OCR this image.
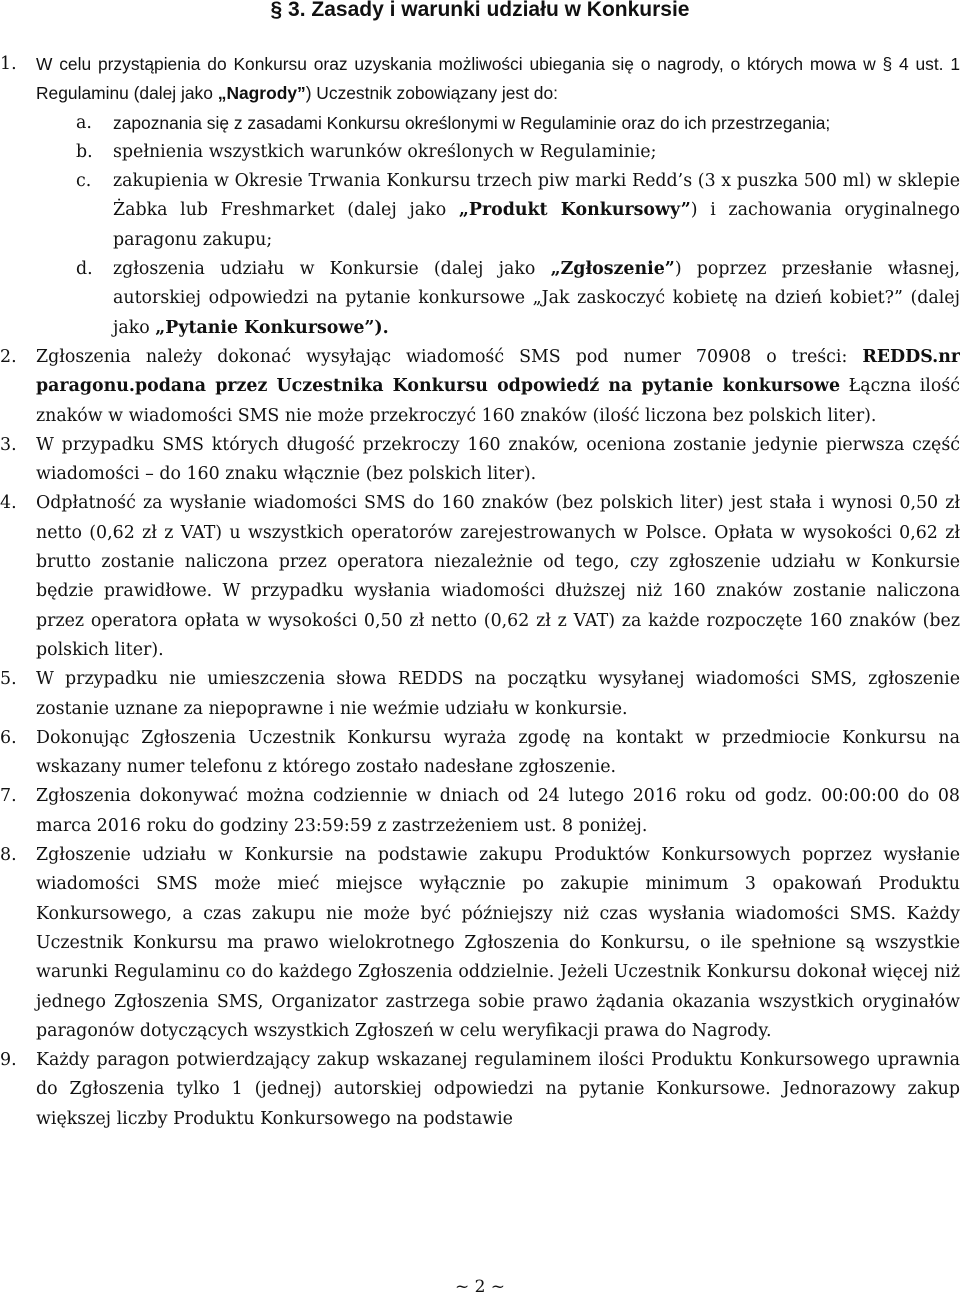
§ 3. Zasady i warunki udziału w Konkursie
1.	W celu przystąpienia do Konkursu oraz uzyskania możliwości ubiegania się o nagrody, o których mowa w § 4 ust. 1 Regulaminu (dalej jako „Nagrody”) Uczestnik zobowiązany jest do:
a. zapoznania się z zasadami Konkursu określonymi w Regulaminie oraz do ich przestrzegania;
b. spełnienia wszystkich warunków określonych w Regulaminie;
c. zakupienia w Okresie Trwania Konkursu trzech piw marki Redd’s (3 x puszka 500 ml) w sklepie Żabka lub Freshmarket (dalej jako „Produkt Konkursowy”) i zachowania oryginalnego paragonu zakupu;
d. zgłoszenia udziału w Konkursie (dalej jako „Zgłoszenie”) poprzez przesłanie własnej, autorskiej odpowiedzi na pytanie konkursowe „Jak zaskoczyć kobietę na dzień kobiet?” (dalej jako „Pytanie Konkursowe”).
2.	Zgłoszenia należy dokonać wysyłając wiadomość SMS pod numer 70908 o treści: REDDS.nr paragonu.podana przez Uczestnika Konkursu odpowiedź na pytanie konkursowe Łączna ilość znaków w wiadomości SMS nie może przekroczyć 160 znaków (ilość liczona bez polskich liter).
3.	W przypadku SMS których długość przekroczy 160 znaków, oceniona zostanie jedynie pierwsza część wiadomości – do 160 znaku włącznie (bez polskich liter).
4.	Odpłatność za wysłanie wiadomości SMS do 160 znaków (bez polskich liter) jest stała i wynosi 0,50 zł netto (0,62 zł z VAT) u wszystkich operatorów zarejestrowanych w Polsce. Opłata w wysokości 0,62 zł brutto zostanie naliczona przez operatora niezależnie od tego, czy zgłoszenie udziału w Konkursie będzie prawidłowe. W przypadku wysłania wiadomości dłuższej niż 160 znaków zostanie naliczona przez operatora opłata w wysokości 0,50 zł netto (0,62 zł z VAT) za każde rozpoczęte 160 znaków (bez polskich liter).
5.	W przypadku nie umieszczenia słowa REDDS na początku wysyłanej wiadomości SMS, zgłoszenie zostanie uznane za niepoprawne i nie weźmie udziału w konkursie.
6.	Dokonując Zgłoszenia Uczestnik Konkursu wyraża zgodę na kontakt w przedmiocie Konkursu na wskazany numer telefonu z którego zostało nadesłane zgłoszenie.
7.	Zgłoszenia dokonywać można codziennie w dniach od 24 lutego 2016 roku od godz. 00:00:00 do 08 marca 2016 roku do godziny 23:59:59 z zastrzeżeniem ust. 8 poniżej.
8.	Zgłoszenie udziału w Konkursie na podstawie zakupu Produktów Konkursowych poprzez wysłanie wiadomości SMS może mieć miejsce wyłącznie po zakupie minimum 3 opakowań Produktu Konkursowego, a czas zakupu nie może być późniejszy niż czas wysłania wiadomości SMS. Każdy Uczestnik Konkursu ma prawo wielokrotnego Zgłoszenia do Konkursu, o ile spełnione są wszystkie warunki Regulaminu co do każdego Zgłoszenia oddzielnie. Jeżeli Uczestnik Konkursu dokonał więcej niż jednego Zgłoszenia SMS, Organizator zastrzega sobie prawo żądania okazania wszystkich oryginałów paragonów dotyczących wszystkich Zgłoszeń w celu weryfikacji prawa do Nagrody.
9.	Każdy paragon potwierdzający zakup wskazanej regulaminem ilości Produktu Konkursowego uprawnia do Zgłoszenia tylko 1 (jednej) autorskiej odpowiedzi na pytanie Konkursowe. Jednorazowy zakup większej liczby Produktu Konkursowego na podstawie
~ 2 ~
